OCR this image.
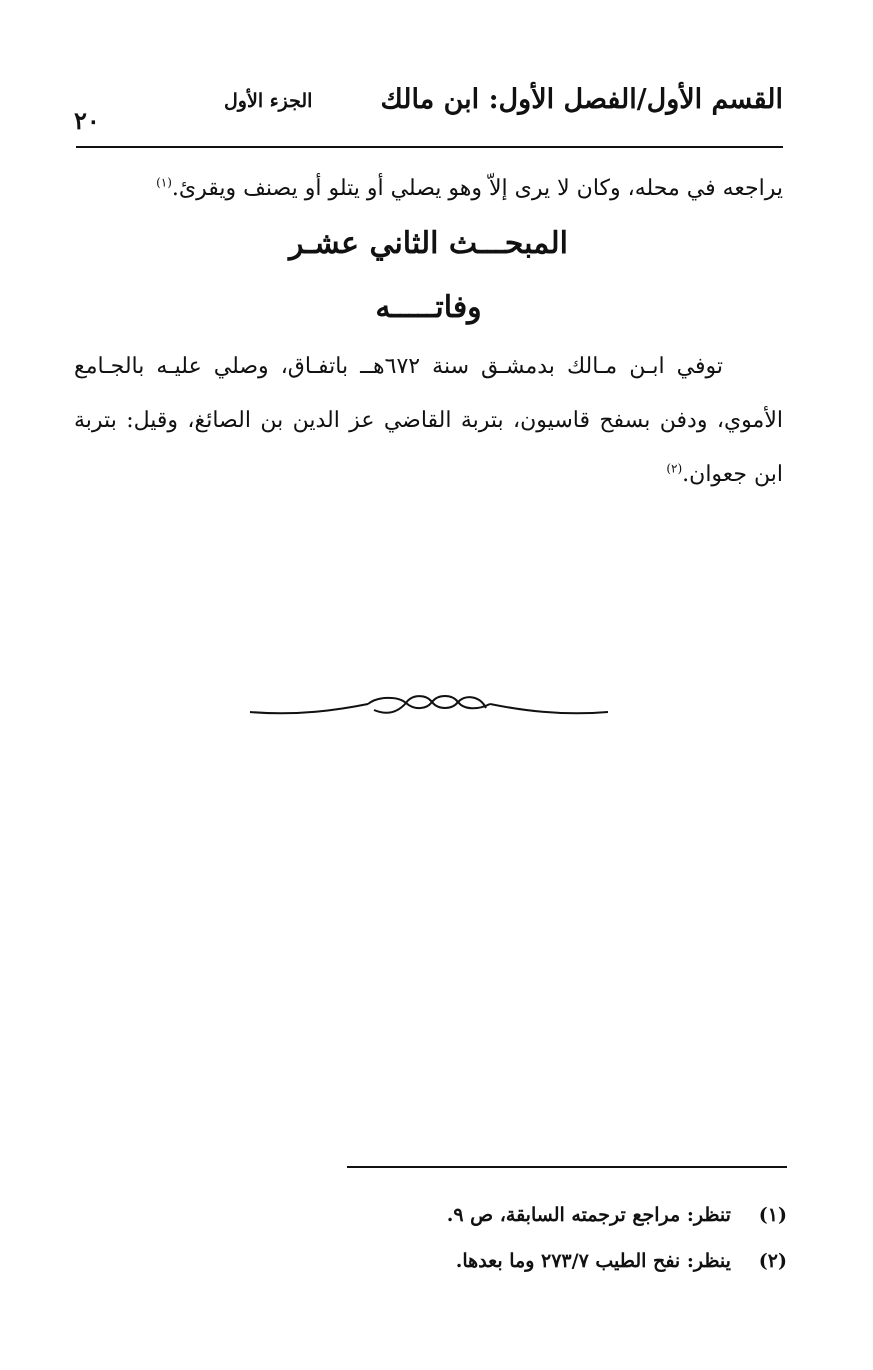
القسم الأول/الفصل الأول: ابن مالك
الجزء الأول
٢٠
يراجعه في محله، وكان لا يرى إلاّ وهو يصلي أو يتلو أو يصنف ويقرئ.$^{(١)}$
المبحـــث الثاني عشـر
وفاتـــــه
توفي ابـن مـالك بدمشـق سنة ٦٧٢هــ باتفـاق، وصلي عليـه بالجـامع الأموي، ودفن بسفح قاسيون، بتربة القاضي عز الدين بن الصائغ، وقيل: بتربة ابن جعوان.$^{(٢)}$
(١) تنظر: مراجع ترجمته السابقة، ص ٩.
(٢) ينظر: نفح الطيب ٢٧٣/٧ وما بعدها.
